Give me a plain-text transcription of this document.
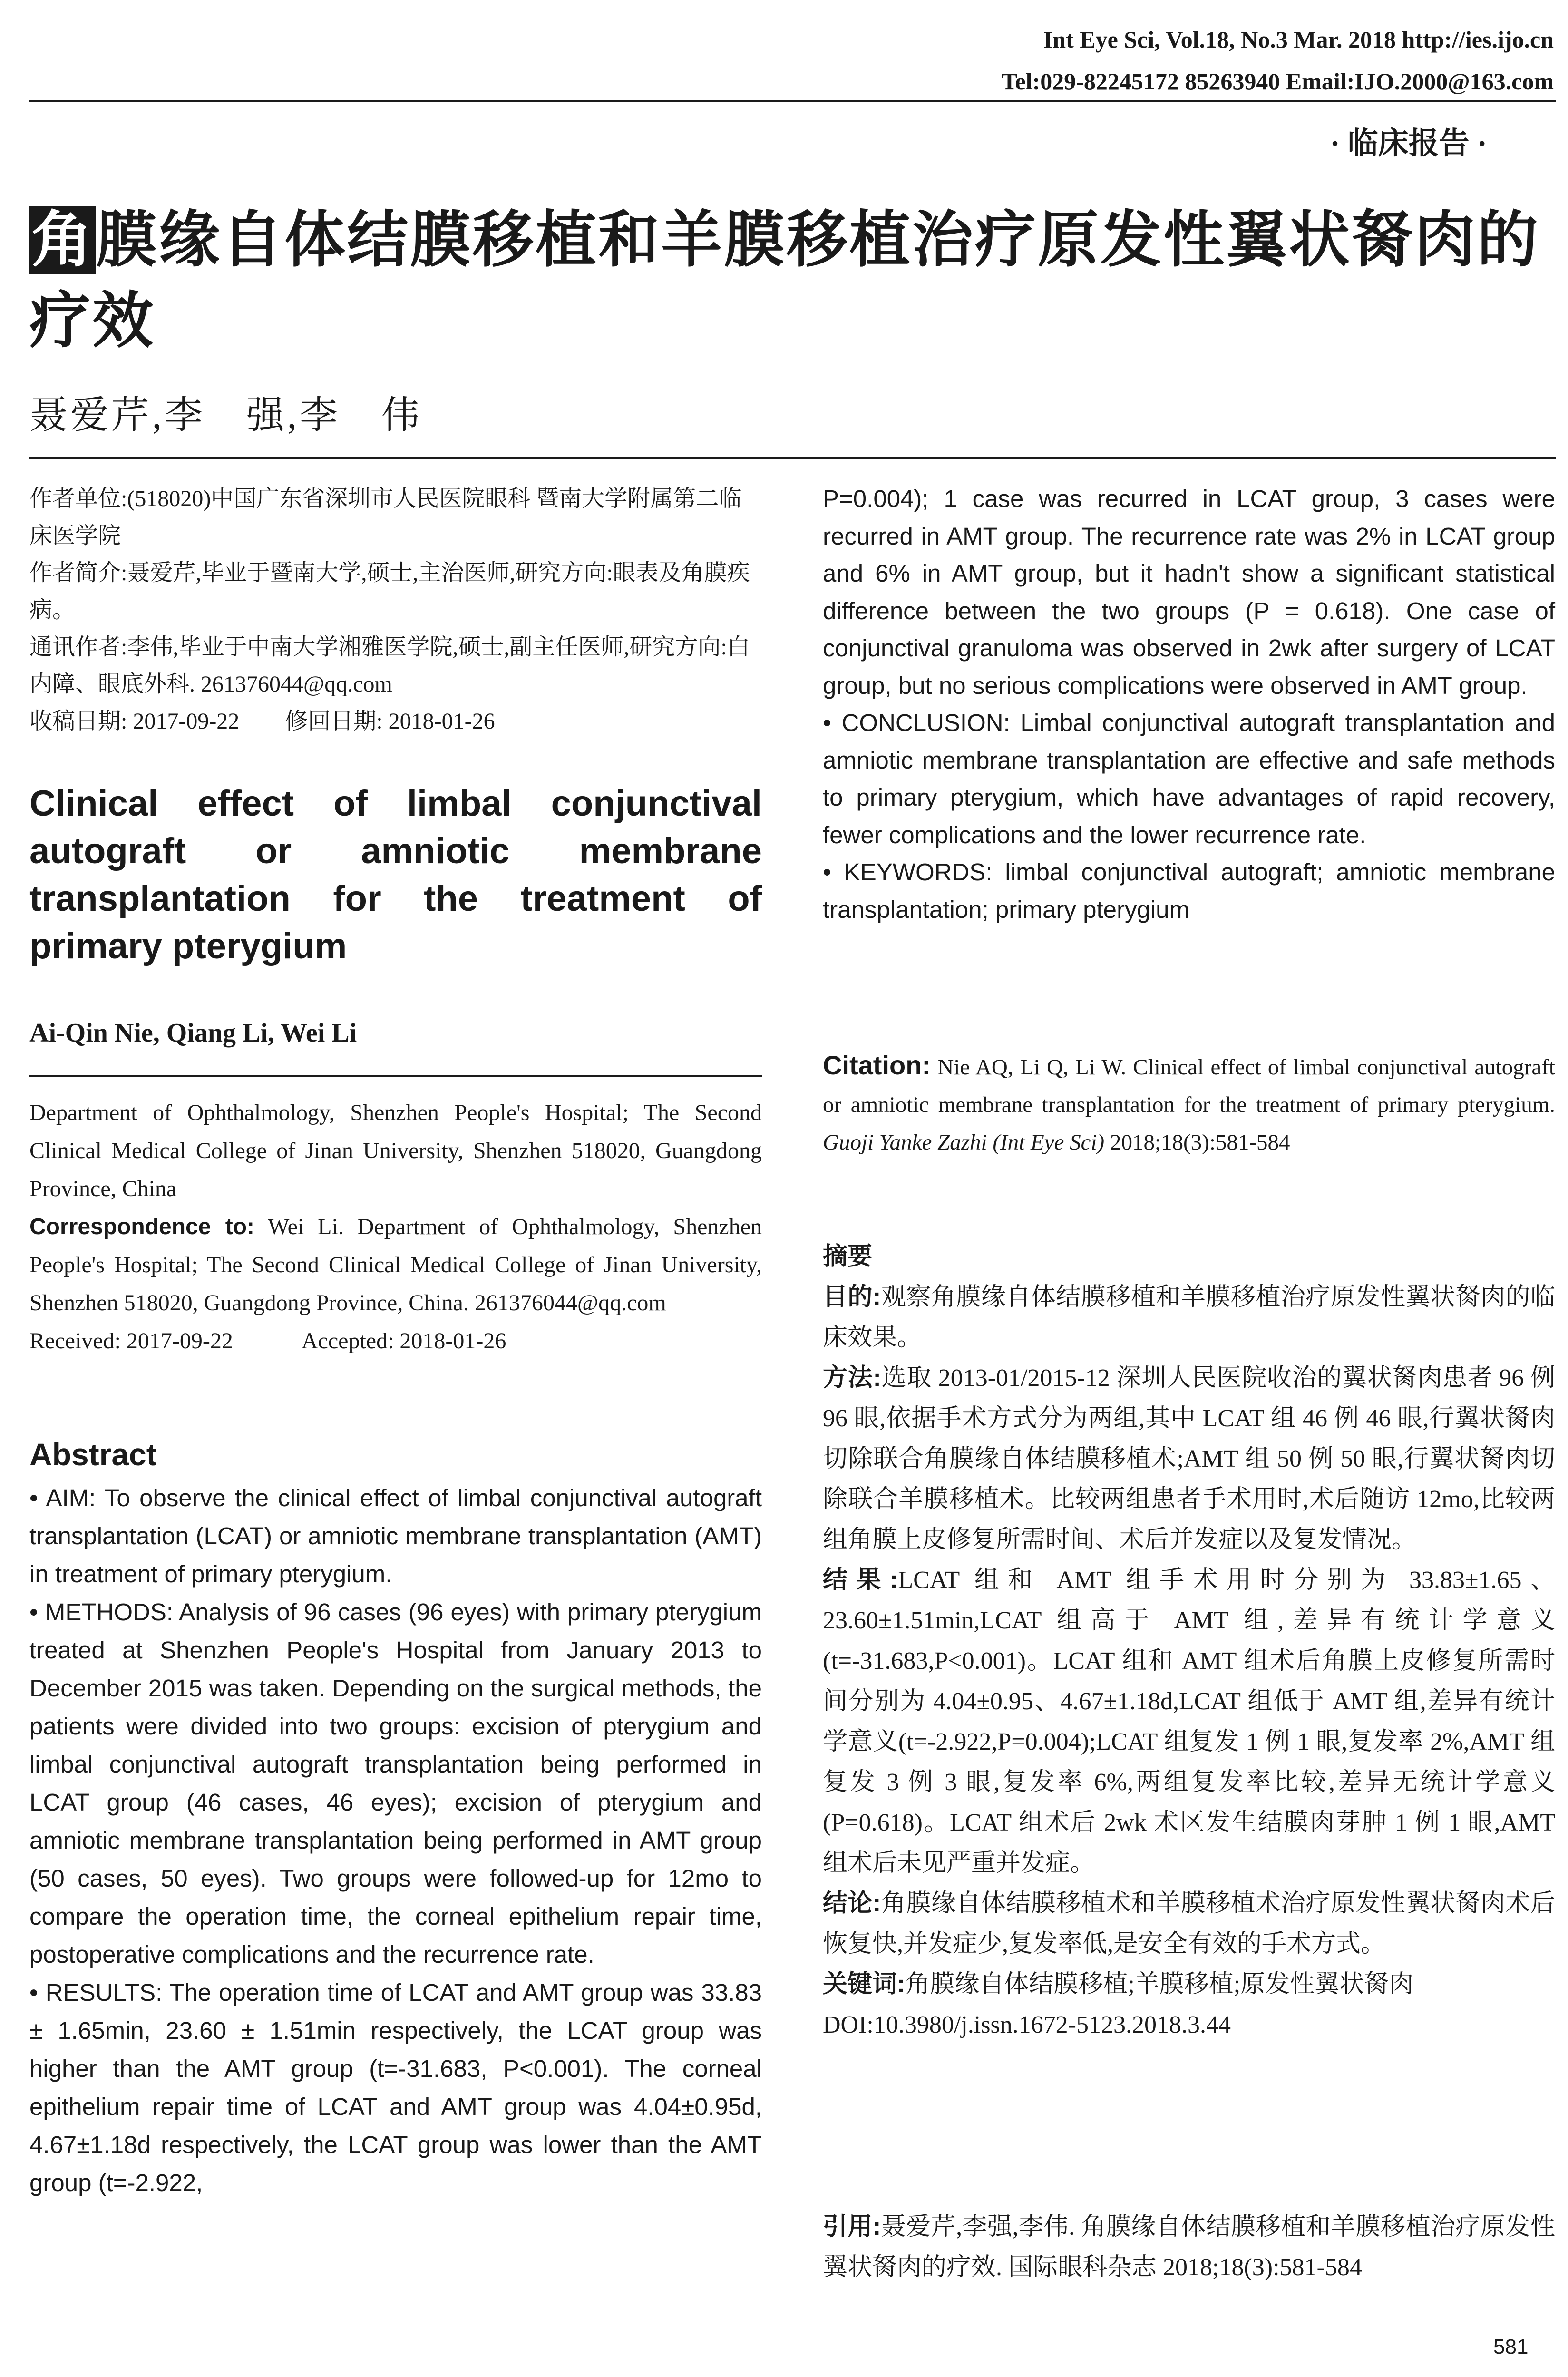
Int Eye Sci, Vol.18, No.3 Mar. 2018 http://ies.ijo.cn
Tel:029-82245172 85263940 Email:IJO.2000@163.com
· 临床报告 ·
角膜缘自体结膜移植和羊膜移植治疗原发性翼状胬肉的疗效
聂爱芹,李　强,李　伟

作者单位:(518020)中国广东省深圳市人民医院眼科 暨南大学附属第二临床医学院

作者简介:聂爱芹,毕业于暨南大学,硕士,主治医师,研究方向:眼表及角膜疾病。

通讯作者:李伟,毕业于中南大学湘雅医学院,硕士,副主任医师,研究方向:白内障、眼底外科. 261376044@qq.com

收稿日期: 2017-09-22　　修回日期: 2018-01-26

Clinical effect of limbal conjunctival autograft or amniotic membrane transplantation for the treatment of primary pterygium
Ai-Qin Nie, Qiang Li, Wei Li

Department of Ophthalmology, Shenzhen People's Hospital; The Second Clinical Medical College of Jinan University, Shenzhen 518020, Guangdong Province, China

Correspondence to: Wei Li. Department of Ophthalmology, Shenzhen People's Hospital; The Second Clinical Medical College of Jinan University, Shenzhen 518020, Guangdong Province, China. 261376044@qq.com

Received: 2017-09-22　　　Accepted: 2018-01-26

Abstract

• AIM: To observe the clinical effect of limbal conjunctival autograft transplantation (LCAT) or amniotic membrane transplantation (AMT) in treatment of primary pterygium.

• METHODS: Analysis of 96 cases (96 eyes) with primary pterygium treated at Shenzhen People's Hospital from January 2013 to December 2015 was taken. Depending on the surgical methods, the patients were divided into two groups: excision of pterygium and limbal conjunctival autograft transplantation being performed in LCAT group (46 cases, 46 eyes); excision of pterygium and amniotic membrane transplantation being performed in AMT group (50 cases, 50 eyes). Two groups were followed-up for 12mo to compare the operation time, the corneal epithelium repair time, postoperative complications and the recurrence rate.

• RESULTS: The operation time of LCAT and AMT group was 33.83 ± 1.65min, 23.60 ± 1.51min respectively, the LCAT group was higher than the AMT group (t=-31.683, P<0.001). The corneal epithelium repair time of LCAT and AMT group was 4.04±0.95d, 4.67±1.18d respectively, the LCAT group was lower than the AMT group (t=-2.922,

P=0.004); 1 case was recurred in LCAT group, 3 cases were recurred in AMT group. The recurrence rate was 2% in LCAT group and 6% in AMT group, but it hadn't show a significant statistical difference between the two groups (P = 0.618). One case of conjunctival granuloma was observed in 2wk after surgery of LCAT group, but no serious complications were observed in AMT group.

• CONCLUSION: Limbal conjunctival autograft transplantation and amniotic membrane transplantation are effective and safe methods to primary pterygium, which have advantages of rapid recovery, fewer complications and the lower recurrence rate.

• KEYWORDS: limbal conjunctival autograft; amniotic membrane transplantation; primary pterygium

Citation: Nie AQ, Li Q, Li W. Clinical effect of limbal conjunctival autograft or amniotic membrane transplantation for the treatment of primary pterygium. Guoji Yanke Zazhi (Int Eye Sci) 2018;18(3):581-584

摘要

目的:观察角膜缘自体结膜移植和羊膜移植治疗原发性翼状胬肉的临床效果。

方法:选取 2013-01/2015-12 深圳人民医院收治的翼状胬肉患者 96 例 96 眼,依据手术方式分为两组,其中 LCAT 组 46 例 46 眼,行翼状胬肉切除联合角膜缘自体结膜移植术;AMT 组 50 例 50 眼,行翼状胬肉切除联合羊膜移植术。比较两组患者手术用时,术后随访 12mo,比较两组角膜上皮修复所需时间、术后并发症以及复发情况。

结果:LCAT 组和 AMT 组手术用时分别为 33.83±1.65、23.60±1.51min,LCAT 组高于 AMT 组,差异有统计学意义(t=-31.683,P<0.001)。LCAT 组和 AMT 组术后角膜上皮修复所需时间分别为 4.04±0.95、4.67±1.18d,LCAT 组低于 AMT 组,差异有统计学意义(t=-2.922,P=0.004);LCAT 组复发 1 例 1 眼,复发率 2%,AMT 组复发 3 例 3 眼,复发率 6%,两组复发率比较,差异无统计学意义(P=0.618)。LCAT 组术后 2wk 术区发生结膜肉芽肿 1 例 1 眼,AMT 组术后未见严重并发症。

结论:角膜缘自体结膜移植术和羊膜移植术治疗原发性翼状胬肉术后恢复快,并发症少,复发率低,是安全有效的手术方式。

关键词:角膜缘自体结膜移植;羊膜移植;原发性翼状胬肉

DOI:10.3980/j.issn.1672-5123.2018.3.44

引用:聂爱芹,李强,李伟. 角膜缘自体结膜移植和羊膜移植治疗原发性翼状胬肉的疗效. 国际眼科杂志 2018;18(3):581-584
581
